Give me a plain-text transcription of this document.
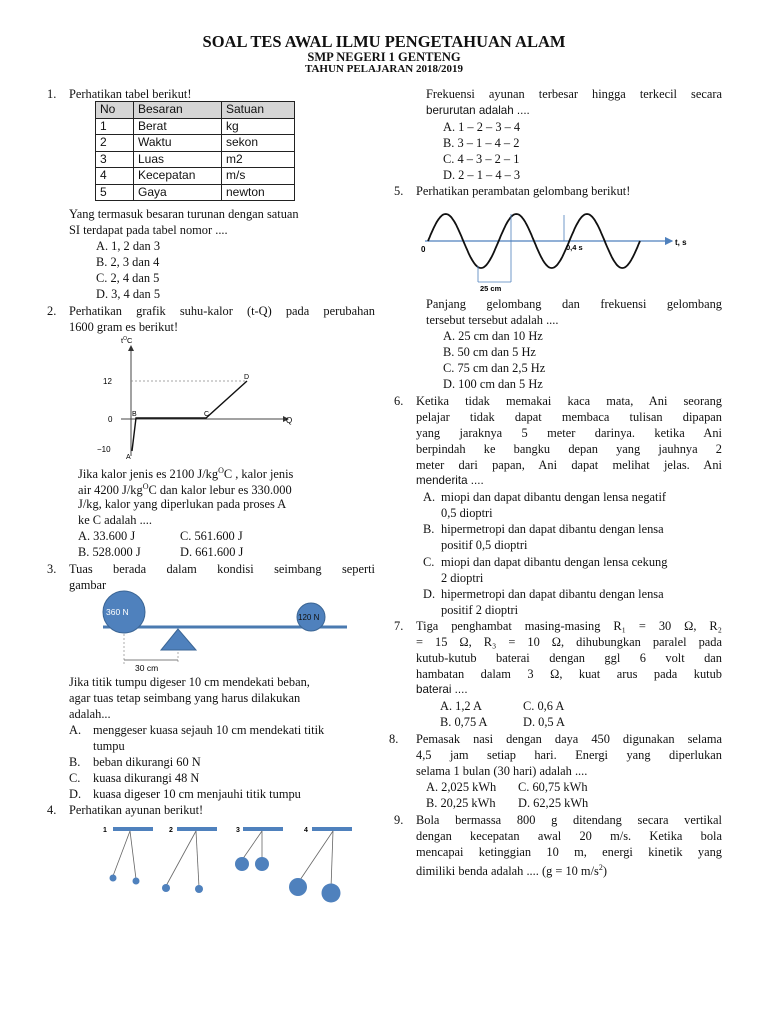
SOAL TES AWAL ILMU PENGETAHUAN ALAM
SMP NEGERI 1 GENTENG
TAHUN PELAJARAN 2018/2019
1. Perhatikan tabel berikut!
No	Besaran	Satuan
1	Berat	kg
2	Waktu	sekon
3	Luas	m2
4	Kecepatan	m/s
5	Gaya	newton
Yang termasuk besaran turunan dengan satuan
SI terdapat pada tabel nomor ....
A. 1, 2 dan 3
B. 2, 3 dan 4
C. 2, 4 dan 5
D. 3, 4 dan 5
2. Perhatikan grafik suhu-kalor (t-Q) pada perubahan
1600 gram es berikut!
$t^OC$
Q
12
0
−10
A
B	C
D
Jika kalor jenis es 2100 $J/kg^OC$ , kalor jenis
air 4200 $J/kg^OC$ dan kalor lebur es 330.000
J/kg, kalor yang diperlukan pada proses A
ke C adalah ....
A. 33.600 J	C. 561.600 J
B. 528.000 J	D. 661.600 J
3. Tuas berada dalam kondisi seimbang seperti
gambar
360 N
120 N
30 cm
Jika titik tumpu digeser 10 cm mendekati beban,
agar tuas tetap seimbang yang harus dilakukan
adalah...
A. menggeser kuasa sejauh 10 cm mendekati titik
tumpu
B. beban dikurangi 60 N
C. kuasa dikurangi 48 N
D. kuasa digeser 10 cm menjauhi titik tumpu
4. Perhatikan ayunan berikut!
1	2	3	4
Frekuensi ayunan terbesar hingga terkecil secara
berurutan adalah ....
A. 1 – 2 – 3 – 4
B. 3 – 1 – 4 – 2
C. 4 – 3 – 2 – 1
D. 2 – 1 – 4 – 3
5. Perhatikan perambatan gelombang berikut!
0	0,4 s
t, s
25 cm
Panjang gelombang dan frekuensi gelombang
tersebut tersebut adalah ....
A. 25 cm dan 10 Hz
B. 50 cm dan 5 Hz
C. 75 cm dan 2,5 Hz
D. 100 cm dan 5 Hz
6. Ketika tidak memakai kaca mata, Ani seorang
pelajar tidak dapat membaca tulisan dipapan
yang jaraknya 5 meter darinya. ketika Ani
berpindah ke bangku depan yang jauhnya 2
meter dari papan, Ani dapat melihat jelas. Ani
menderita ....
A. miopi dan dapat dibantu dengan lensa negatif
0,5 dioptri
B. hipermetropi dan dapat dibantu dengan lensa
positif 0,5 dioptri
C. miopi dan dapat dibantu dengan lensa cekung
2 dioptri
D. hipermetropi dan dapat dibantu dengan lensa
positif 2 dioptri
7. Tiga penghambat masing-masing R₁ = 30 Ω, R₂
= 15 Ω, R₃ = 10 Ω, dihubungkan paralel pada
kutub-kutub baterai dengan ggl 6 volt dan
hambatan dalam 3 Ω, kuat arus pada kutub
baterai ....
A. 1,2 A	C. 0,6 A
B. 0,75 A	D. 0,5 A
8. Pemasak nasi dengan daya 450 digunakan selama
4,5 jam setiap hari. Energi yang diperlukan
selama 1 bulan (30 hari) adalah ....
A. 2,025 kWh C. 60,75 kWh
B. 20,25 kWh D. 62,25 kWh
9. Bola bermassa 800 g ditendang secara vertikal
dengan kecepatan awal 20 m/s. Ketika bola
mencapai ketinggian 10 m, energi kinetik yang
dimiliki benda adalah .... (g = 10 $m/s^2$)
